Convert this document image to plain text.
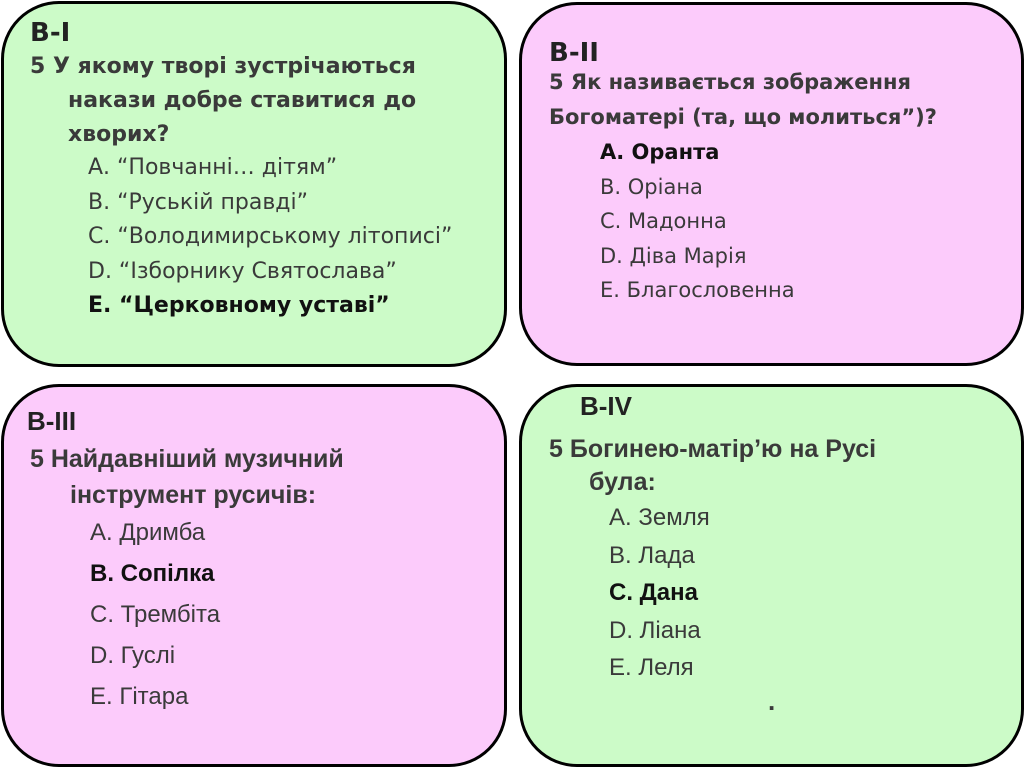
В-І
5 У якому творі зустрічаються
накази добре ставитися до
хворих?
А. “Повчанні… дітям”
В. “Руській правді”
С. “Володимирському літописі”
D. “Ізборнику Святослава”
E. “Церковному уставі”
В-ІІ
5 Як називається зображення
Богоматері (та, що молиться”)?
А. Оранта
В. Оріана
С. Мадонна
D. Діва Марія
E. Благословенна
В-ІІІ
5 Найдавніший музичний
інструмент русичів:
А. Дримба
В. Сопілка
С. Трембіта
D. Гуслі
E. Гітара
В-ІV
5 Богинею-матір’ю на Русі
була:
А. Земля
В. Лада
С. Дана
D. Ліана
E. Леля
.
